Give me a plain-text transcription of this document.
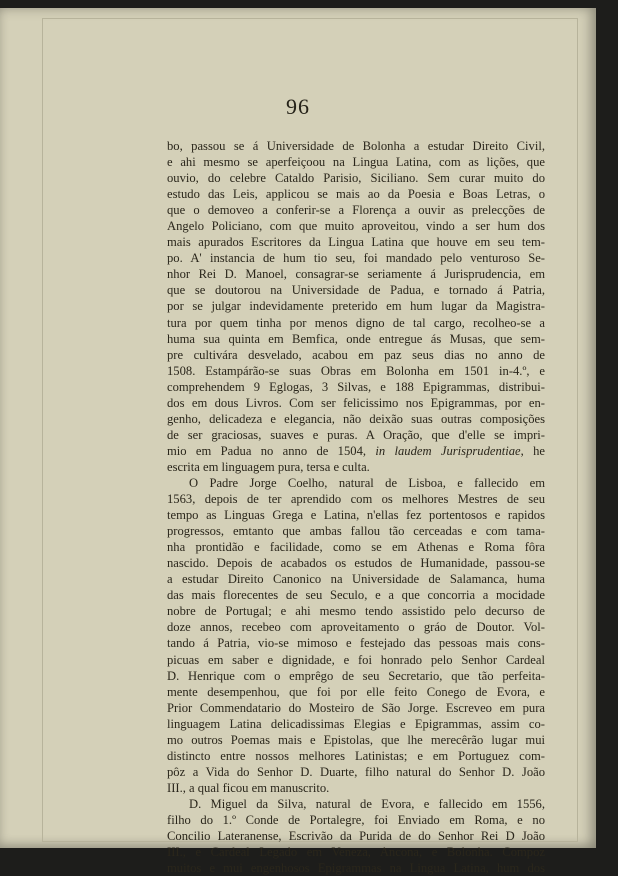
96
bo, passou se á Universidade de Bolonha a estudar Direito Civil,
e ahi mesmo se aperfeiçoou na Lingua Latina, com as lições, que
ouvio, do celebre Cataldo Parisio, Siciliano. Sem curar muito do
estudo das Leis, applicou se mais ao da Poesia e Boas Letras, o
que o demoveo a conferir-se a Florença a ouvir as prelecções de
Angelo Policiano, com que muito aproveitou, vindo a ser hum dos
mais apurados Escritores da Lingua Latina que houve em seu tem-
po. A' instancia de hum tio seu, foi mandado pelo venturoso Se-
nhor Rei D. Manoel, consagrar-se seriamente á Jurisprudencia, em
que se doutorou na Universidade de Padua, e tornado á Patria,
por se julgar indevidamente preterido em hum lugar da Magistra-
tura por quem tinha por menos digno de tal cargo, recolheo-se a
huma sua quinta em Bemfica, onde entregue ás Musas, que sem-
pre cultivára desvelado, acabou em paz seus dias no anno de
1508. Estampárão-se suas Obras em Bolonha em 1501 in-4.º, e
comprehendem 9 Eglogas, 3 Silvas, e 188 Epigrammas, distribui-
dos em dous Livros. Com ser felicissimo nos Epigrammas, por en-
genho, delicadeza e elegancia, não deixão suas outras composições
de ser graciosas, suaves e puras. A Oração, que d'elle se impri-
mio em Padua no anno de 1504, in laudem Jurisprudentiae, he
escrita em linguagem pura, tersa e culta.
O Padre Jorge Coelho, natural de Lisboa, e fallecido em
1563, depois de ter aprendido com os melhores Mestres de seu
tempo as Linguas Grega e Latina, n'ellas fez portentosos e rapidos
progressos, emtanto que ambas fallou tão cerceadas e com tama-
nha prontidão e facilidade, como se em Athenas e Roma fôra
nascido. Depois de acabados os estudos de Humanidade, passou-se
a estudar Direito Canonico na Universidade de Salamanca, huma
das mais florecentes de seu Seculo, e a que concorria a mocidade
nobre de Portugal; e ahi mesmo tendo assistido pelo decurso de
doze annos, recebeo com aproveitamento o gráo de Doutor. Vol-
tando á Patria, vio-se mimoso e festejado das pessoas mais cons-
picuas em saber e dignidade, e foi honrado pelo Senhor Cardeal
D. Henrique com o emprêgo de seu Secretario, que tão perfeita-
mente desempenhou, que foi por elle feito Conego de Evora, e
Prior Commendatario do Mosteiro de São Jorge. Escreveo em pura
linguagem Latina delicadissimas Elegias e Epigrammas, assim co-
mo outros Poemas mais e Epistolas, que lhe merecêrão lugar mui
distincto entre nossos melhores Latinistas; e em Portuguez com-
pôz a Vida do Senhor D. Duarte, filho natural do Senhor D. João
III., a qual ficou em manuscrito.
D. Miguel da Silva, natural de Evora, e fallecido em 1556,
filho do 1.º Conde de Portalegre, foi Enviado em Roma, e no
Concilio Lateranense, Escrivão da Purida de do Senhor Rei D João
III., e Cardeal Legado em Veneza, Ancona, e Bolonha. Compoz
muitos e mui engenhosos Epigrammas na Lingua Latina, hum dos
